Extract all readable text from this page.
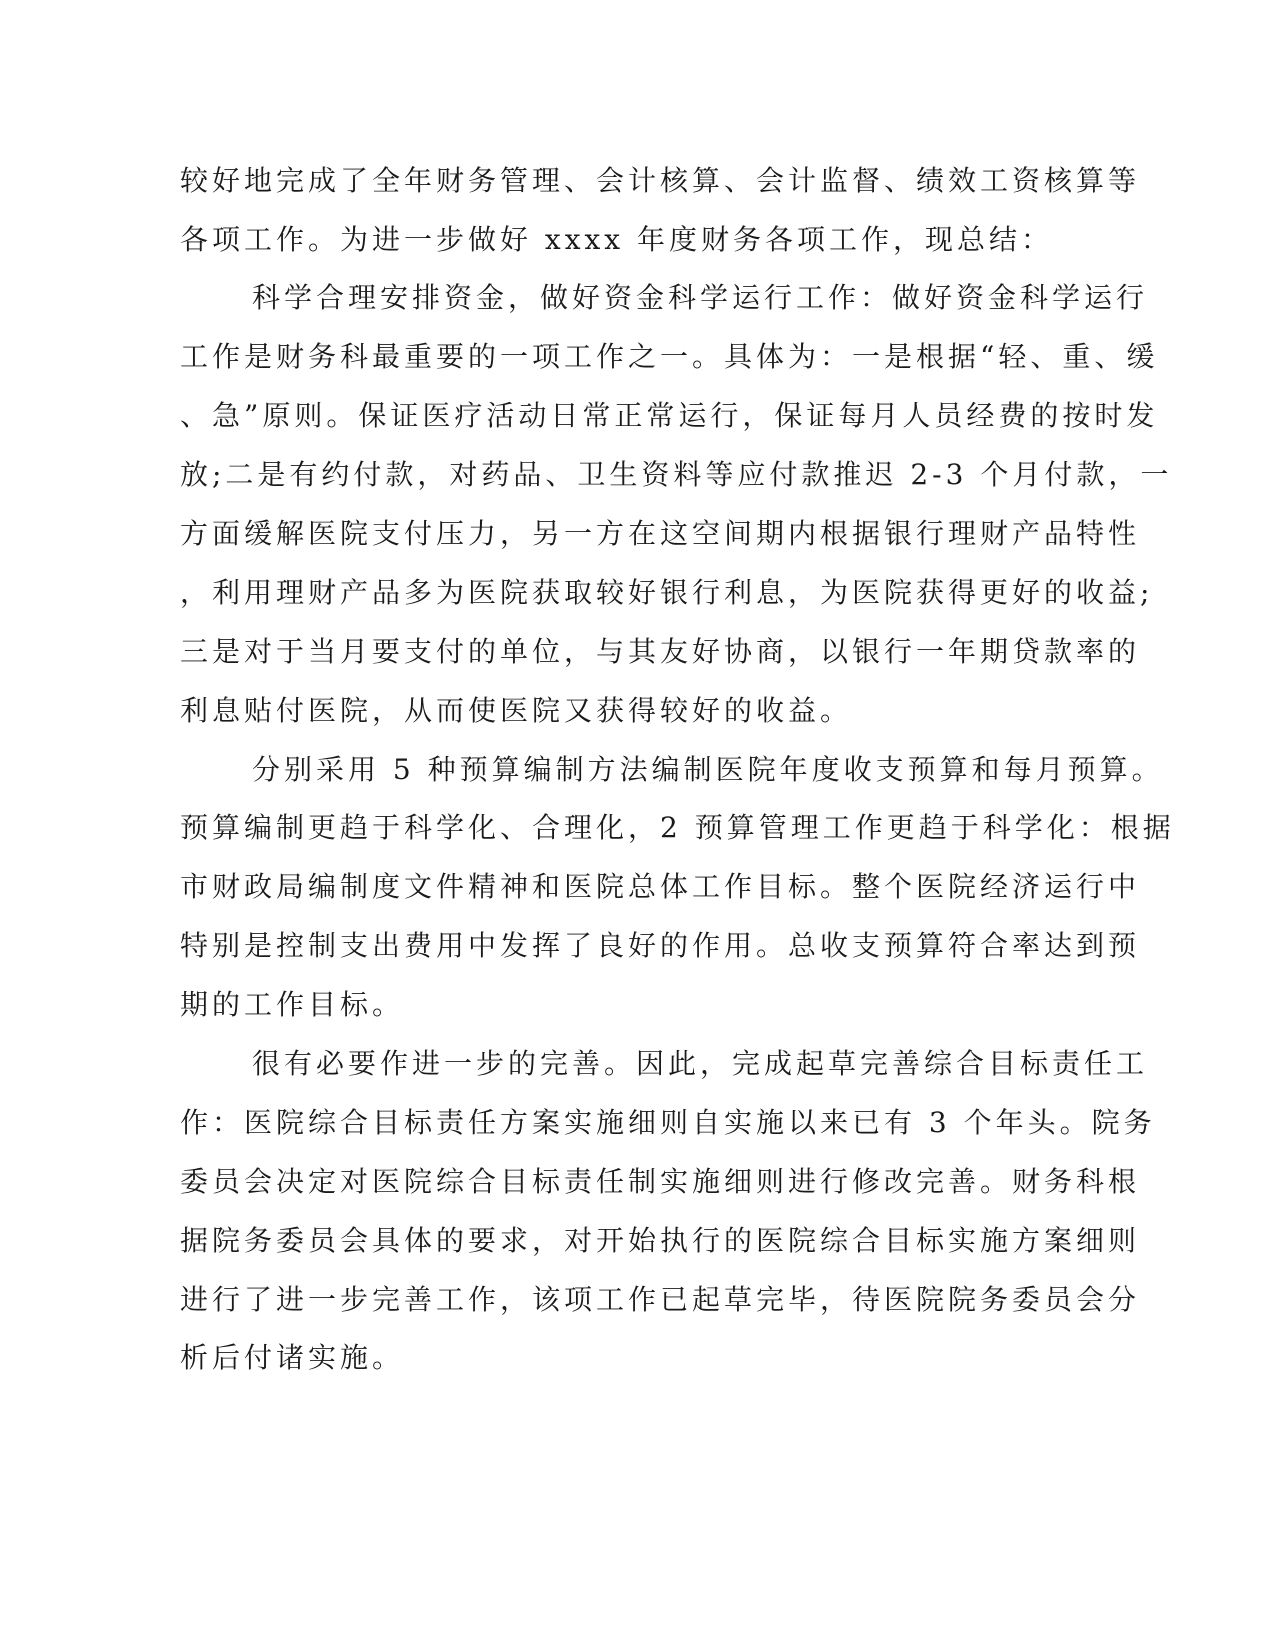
较好地完成了全年财务管理、会计核算、会计监督、绩效工资核算等
各项工作。为进一步做好 xxxx 年度财务各项工作，现总结：
科学合理安排资金，做好资金科学运行工作：做好资金科学运行
工作是财务科最重要的一项工作之一。具体为：一是根据“轻、重、缓
、急”原则。保证医疗活动日常正常运行，保证每月人员经费的按时发
放;二是有约付款，对药品、卫生资料等应付款推迟 2-3 个月付款，一
方面缓解医院支付压力，另一方在这空间期内根据银行理财产品特性
，利用理财产品多为医院获取较好银行利息，为医院获得更好的收益;
三是对于当月要支付的单位，与其友好协商，以银行一年期贷款率的
利息贴付医院，从而使医院又获得较好的收益。
分别采用 5 种预算编制方法编制医院年度收支预算和每月预算。
预算编制更趋于科学化、合理化，2 预算管理工作更趋于科学化：根据
市财政局编制度文件精神和医院总体工作目标。整个医院经济运行中
特别是控制支出费用中发挥了良好的作用。总收支预算符合率达到预
期的工作目标。
很有必要作进一步的完善。因此，完成起草完善综合目标责任工
作：医院综合目标责任方案实施细则自实施以来已有 3 个年头。院务
委员会决定对医院综合目标责任制实施细则进行修改完善。财务科根
据院务委员会具体的要求，对开始执行的医院综合目标实施方案细则
进行了进一步完善工作，该项工作已起草完毕，待医院院务委员会分
析后付诸实施。
